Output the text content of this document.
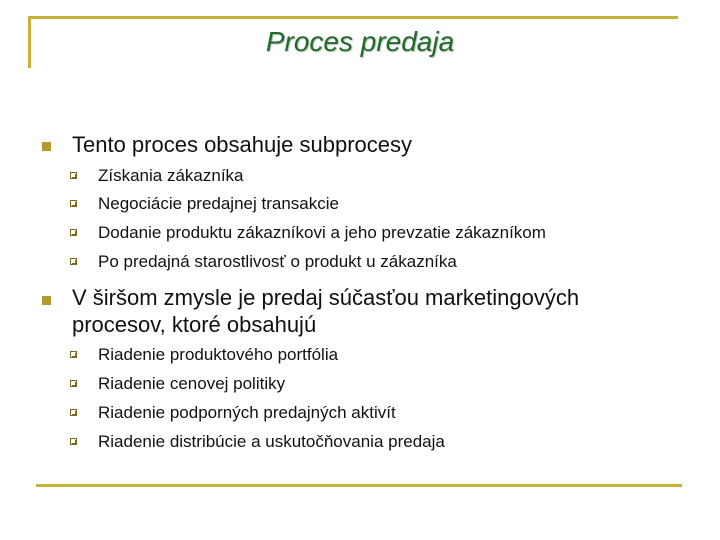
Proces predaja
Tento proces obsahuje subprocesy
Získania zákazníka
Negociácie predajnej transakcie
Dodanie produktu zákazníkovi a jeho prevzatie zákazníkom
Po predajná starostlivosť o produkt u zákazníka
V širšom zmysle je predaj súčasťou marketingových
procesov, ktoré obsahujú
Riadenie produktového portfólia
Riadenie cenovej politiky
Riadenie podporných predajných aktivít
Riadenie distribúcie a uskutočňovania predaja
